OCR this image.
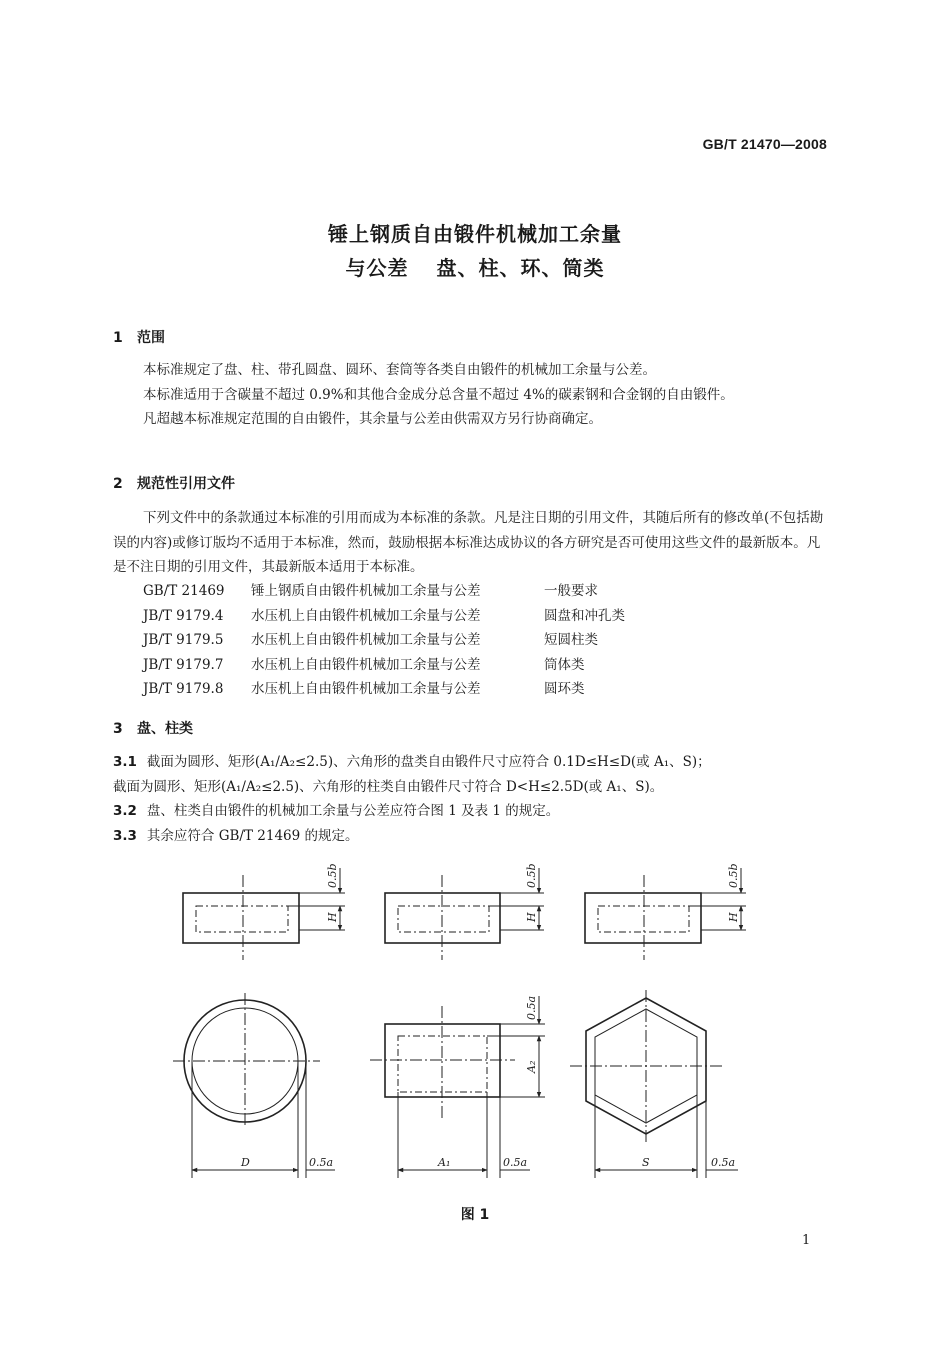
GB/T 21470—2008
锤上钢质自由锻件机械加工余量
与公差 盘、柱、环、筒类
1 范围

本标准规定了盘、柱、带孔圆盘、圆环、套筒等各类自由锻件的机械加工余量与公差。

本标准适用于含碳量不超过 0.9%和其他合金成分总含量不超过 4%的碳素钢和合金钢的自由锻件。

凡超越本标准规定范围的自由锻件，其余量与公差由供需双方另行协商确定。

2 规范性引用文件

下列文件中的条款通过本标准的引用而成为本标准的条款。凡是注日期的引用文件，其随后所有的修改单(不包括勘误的内容)或修订版均不适用于本标准，然而，鼓励根据本标准达成协议的各方研究是否可使用这些文件的最新版本。凡是不注日期的引用文件，其最新版本适用于本标准。

GB/T 21469	锤上钢质自由锻件机械加工余量与公差	一般要求
JB/T 9179.4	水压机上自由锻件机械加工余量与公差	圆盘和冲孔类
JB/T 9179.5	水压机上自由锻件机械加工余量与公差	短圆柱类
JB/T 9179.7	水压机上自由锻件机械加工余量与公差	筒体类
JB/T 9179.8	水压机上自由锻件机械加工余量与公差	圆环类
3 盘、柱类

3.1 截面为圆形、矩形(A₁/A₂≤2.5)、六角形的盘类自由锻件尺寸应符合 0.1D≤H≤D(或 A₁、S)；

截面为圆形、矩形(A₁/A₂≤2.5)、六角形的柱类自由锻件尺寸符合 D<H≤2.5D(或 A₁、S)。

3.2 盘、柱类自由锻件的机械加工余量与公差应符合图 1 及表 1 的规定。

3.3 其余应符合 GB/T 21469 的规定。

0.5b
H
0.5b
H
0.5b
H
0.5a
A₂
D	0.5a	A₁	0.5a	S	0.5a
图 1
1
